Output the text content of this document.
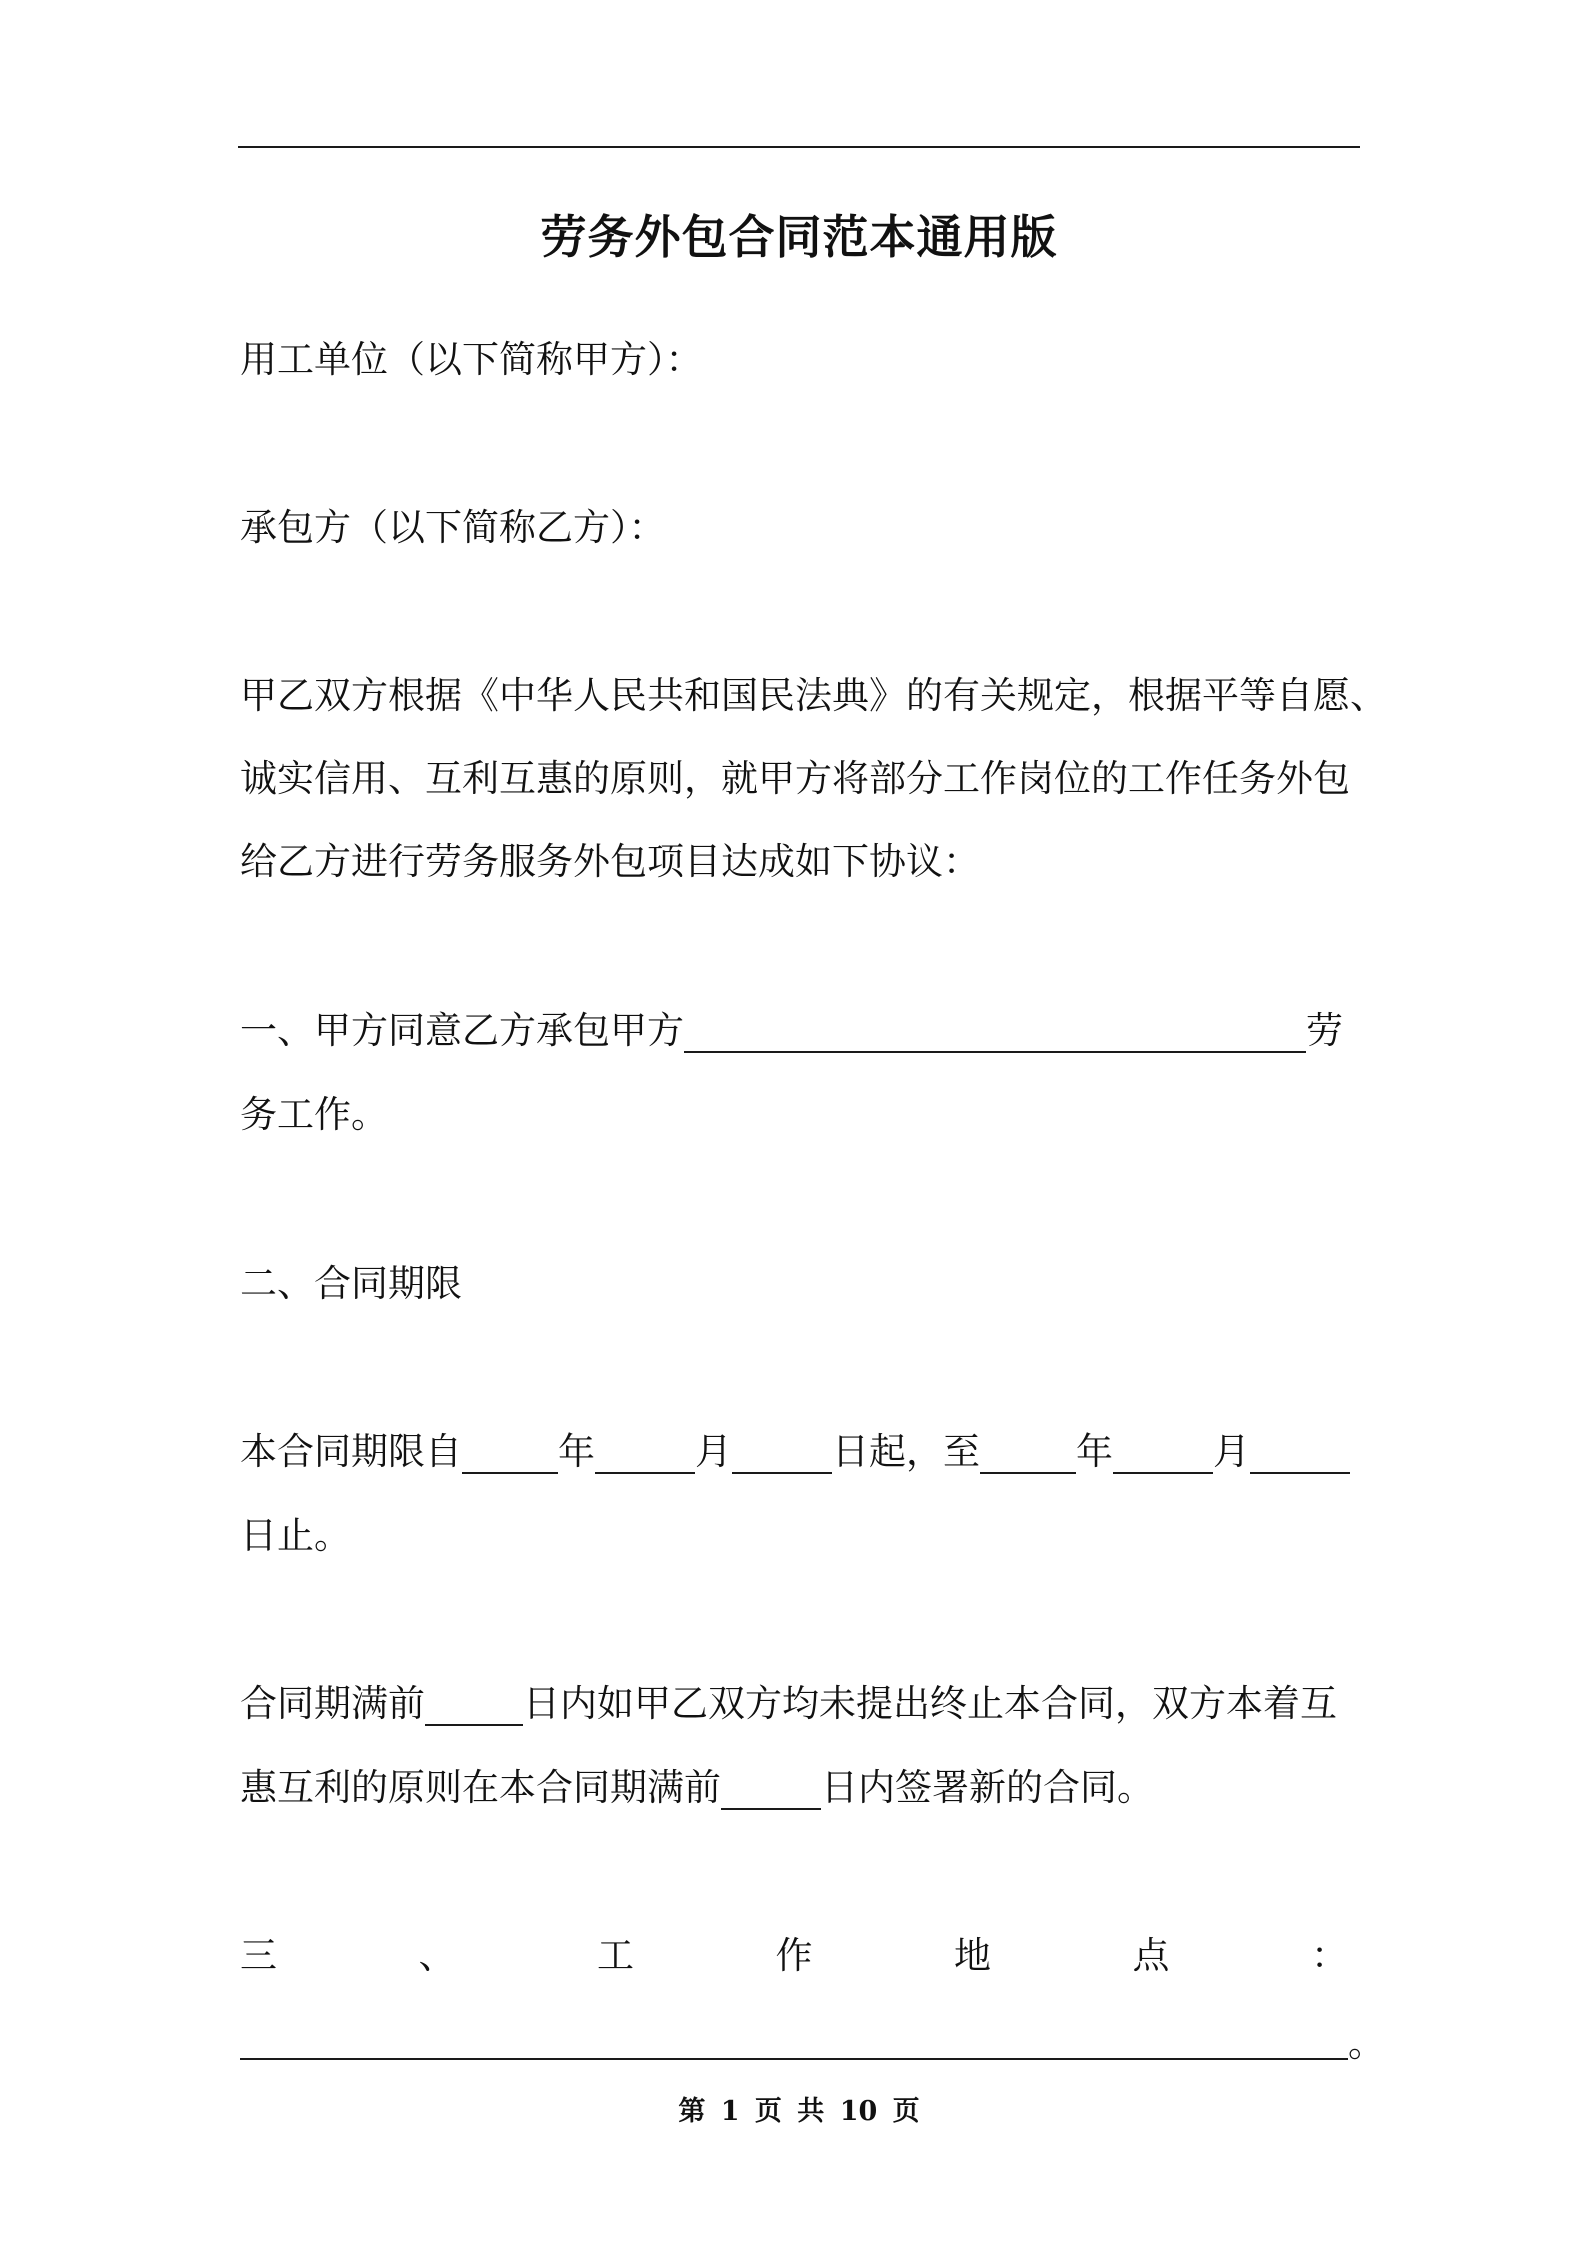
劳务外包合同范本通用版
用工单位（以下简称甲方）：
承包方（以下简称乙方）：
甲乙双方根据《中华人民共和国民法典》的有关规定，根据平等自愿、
诚实信用、互利互惠的原则，就甲方将部分工作岗位的工作任务外包
给乙方进行劳务服务外包项目达成如下协议：
一、甲方同意乙方承包甲方	劳
务工作。
二、合同期限
本合同期限自	年	月	日起，至	年	月
日止。
合同期满前	日内如甲乙双方均未提出终止本合同，双方本着互
惠互利的原则在本合同期满前	日内签署新的合同。
三	、	工	作	地	点	：
。
第 1 页 共 10 页
